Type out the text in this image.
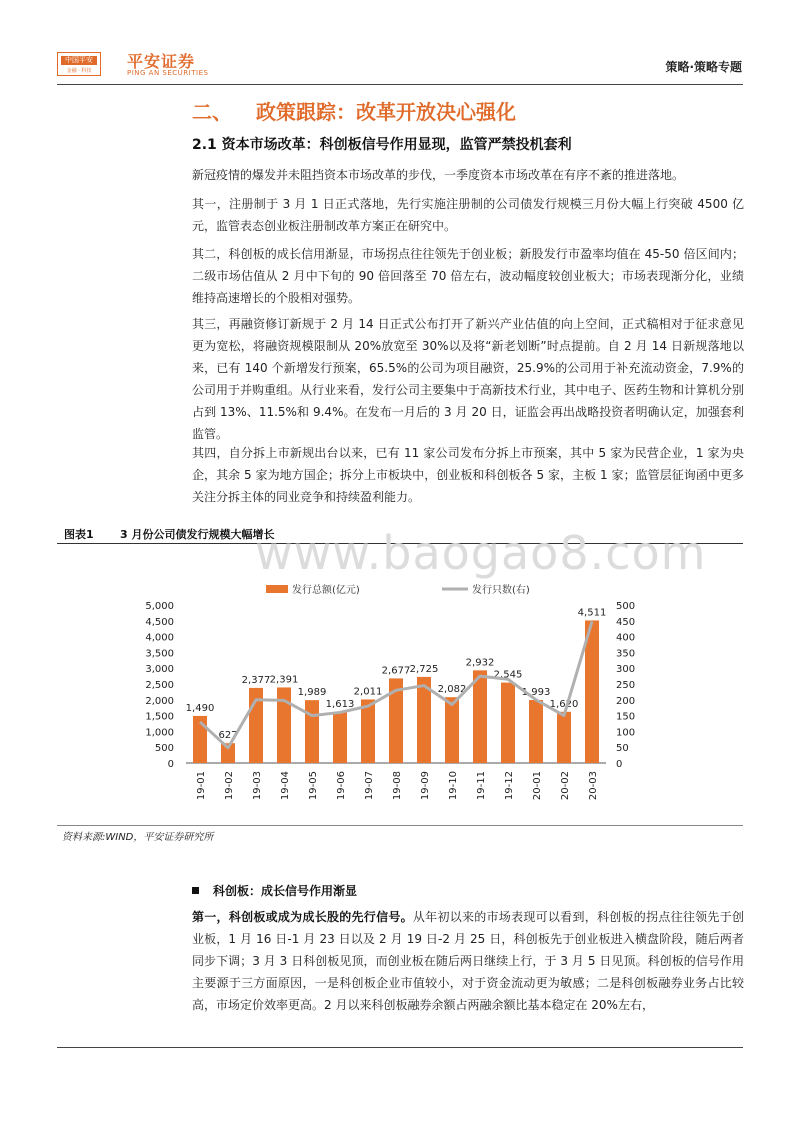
中国平安
金融 · 科技	平安证券
PING AN SECURITIES	策略·策略专题
二、 政策跟踪：改革开放决心强化
2.1 资本市场改革：科创板信号作用显现，监管严禁投机套利

新冠疫情的爆发并未阻挡资本市场改革的步伐，一季度资本市场改革在有序不紊的推进落地。

其一，注册制于 3 月 1 日正式落地，先行实施注册制的公司债发行规模三月份大幅上行突破 4500 亿元，监管表态创业板注册制改革方案正在研究中。

其二，科创板的成长信用渐显，市场拐点往往领先于创业板；新股发行市盈率均值在 45-50 倍区间内；二级市场估值从 2 月中下旬的 90 倍回落至 70 倍左右，波动幅度较创业板大；市场表现渐分化，业绩维持高速增长的个股相对强势。

其三，再融资修订新规于 2 月 14 日正式公布打开了新兴产业估值的向上空间，正式稿相对于征求意见更为宽松，将融资规模限制从 20%放宽至 30%以及将“新老划断”时点提前。自 2 月 14 日新规落地以来，已有 140 个新增发行预案，65.5%的公司为项目融资，25.9%的公司用于补充流动资金，7.9%的公司用于并购重组。从行业来看，发行公司主要集中于高新技术行业，其中电子、医药生物和计算机分别占到 13%、11.5%和 9.4%。在发布一月后的 3 月 20 日，证监会再出战略投资者明确认定，加强套利监管。

其四，自分拆上市新规出台以来，已有 11 家公司发布分拆上市预案，其中 5 家为民营企业，1 家为央企，其余 5 家为地方国企；拆分上市板块中，创业板和科创板各 5 家，主板 1 家；监管层征询函中更多关注分拆主体的同业竞争和持续盈利能力。

图表1 3 月份公司债发行规模大幅增长
www.baogao8.com
发行总额(亿元)	发行只数(右)
0
500
1,000
1,500
2,000
2,500
3,000
3,500
4,000
4,500
5,000
0
50
100
150
200
250
300
350
400
450
500
1,490
627
2,377 2,391
1,989
1,613
2,011
2,677 2,725
2,082
2,932
2,545
1,993
1,620
4,511
19-01 19-02 19-03 19-04 19-05 19-06 19-07 19-08 19-09 19-10 19-11 19-12 20-01 20-02 20-03
资料来源:WIND，平安证券研究所
科创板：成长信号作用渐显

第一，科创板或成为成长股的先行信号。从年初以来的市场表现可以看到，科创板的拐点往往领先于创业板，1 月 16 日-1 月 23 日以及 2 月 19 日-2 月 25 日，科创板先于创业板进入横盘阶段，随后两者同步下调；3 月 3 日科创板见顶，而创业板在随后两日继续上行，于 3 月 5 日见顶。科创板的信号作用主要源于三方面原因，一是科创板企业市值较小，对于资金流动更为敏感；二是科创板融券业务占比较高，市场定价效率更高。2 月以来科创板融券余额占两融余额比基本稳定在 20%左右，
